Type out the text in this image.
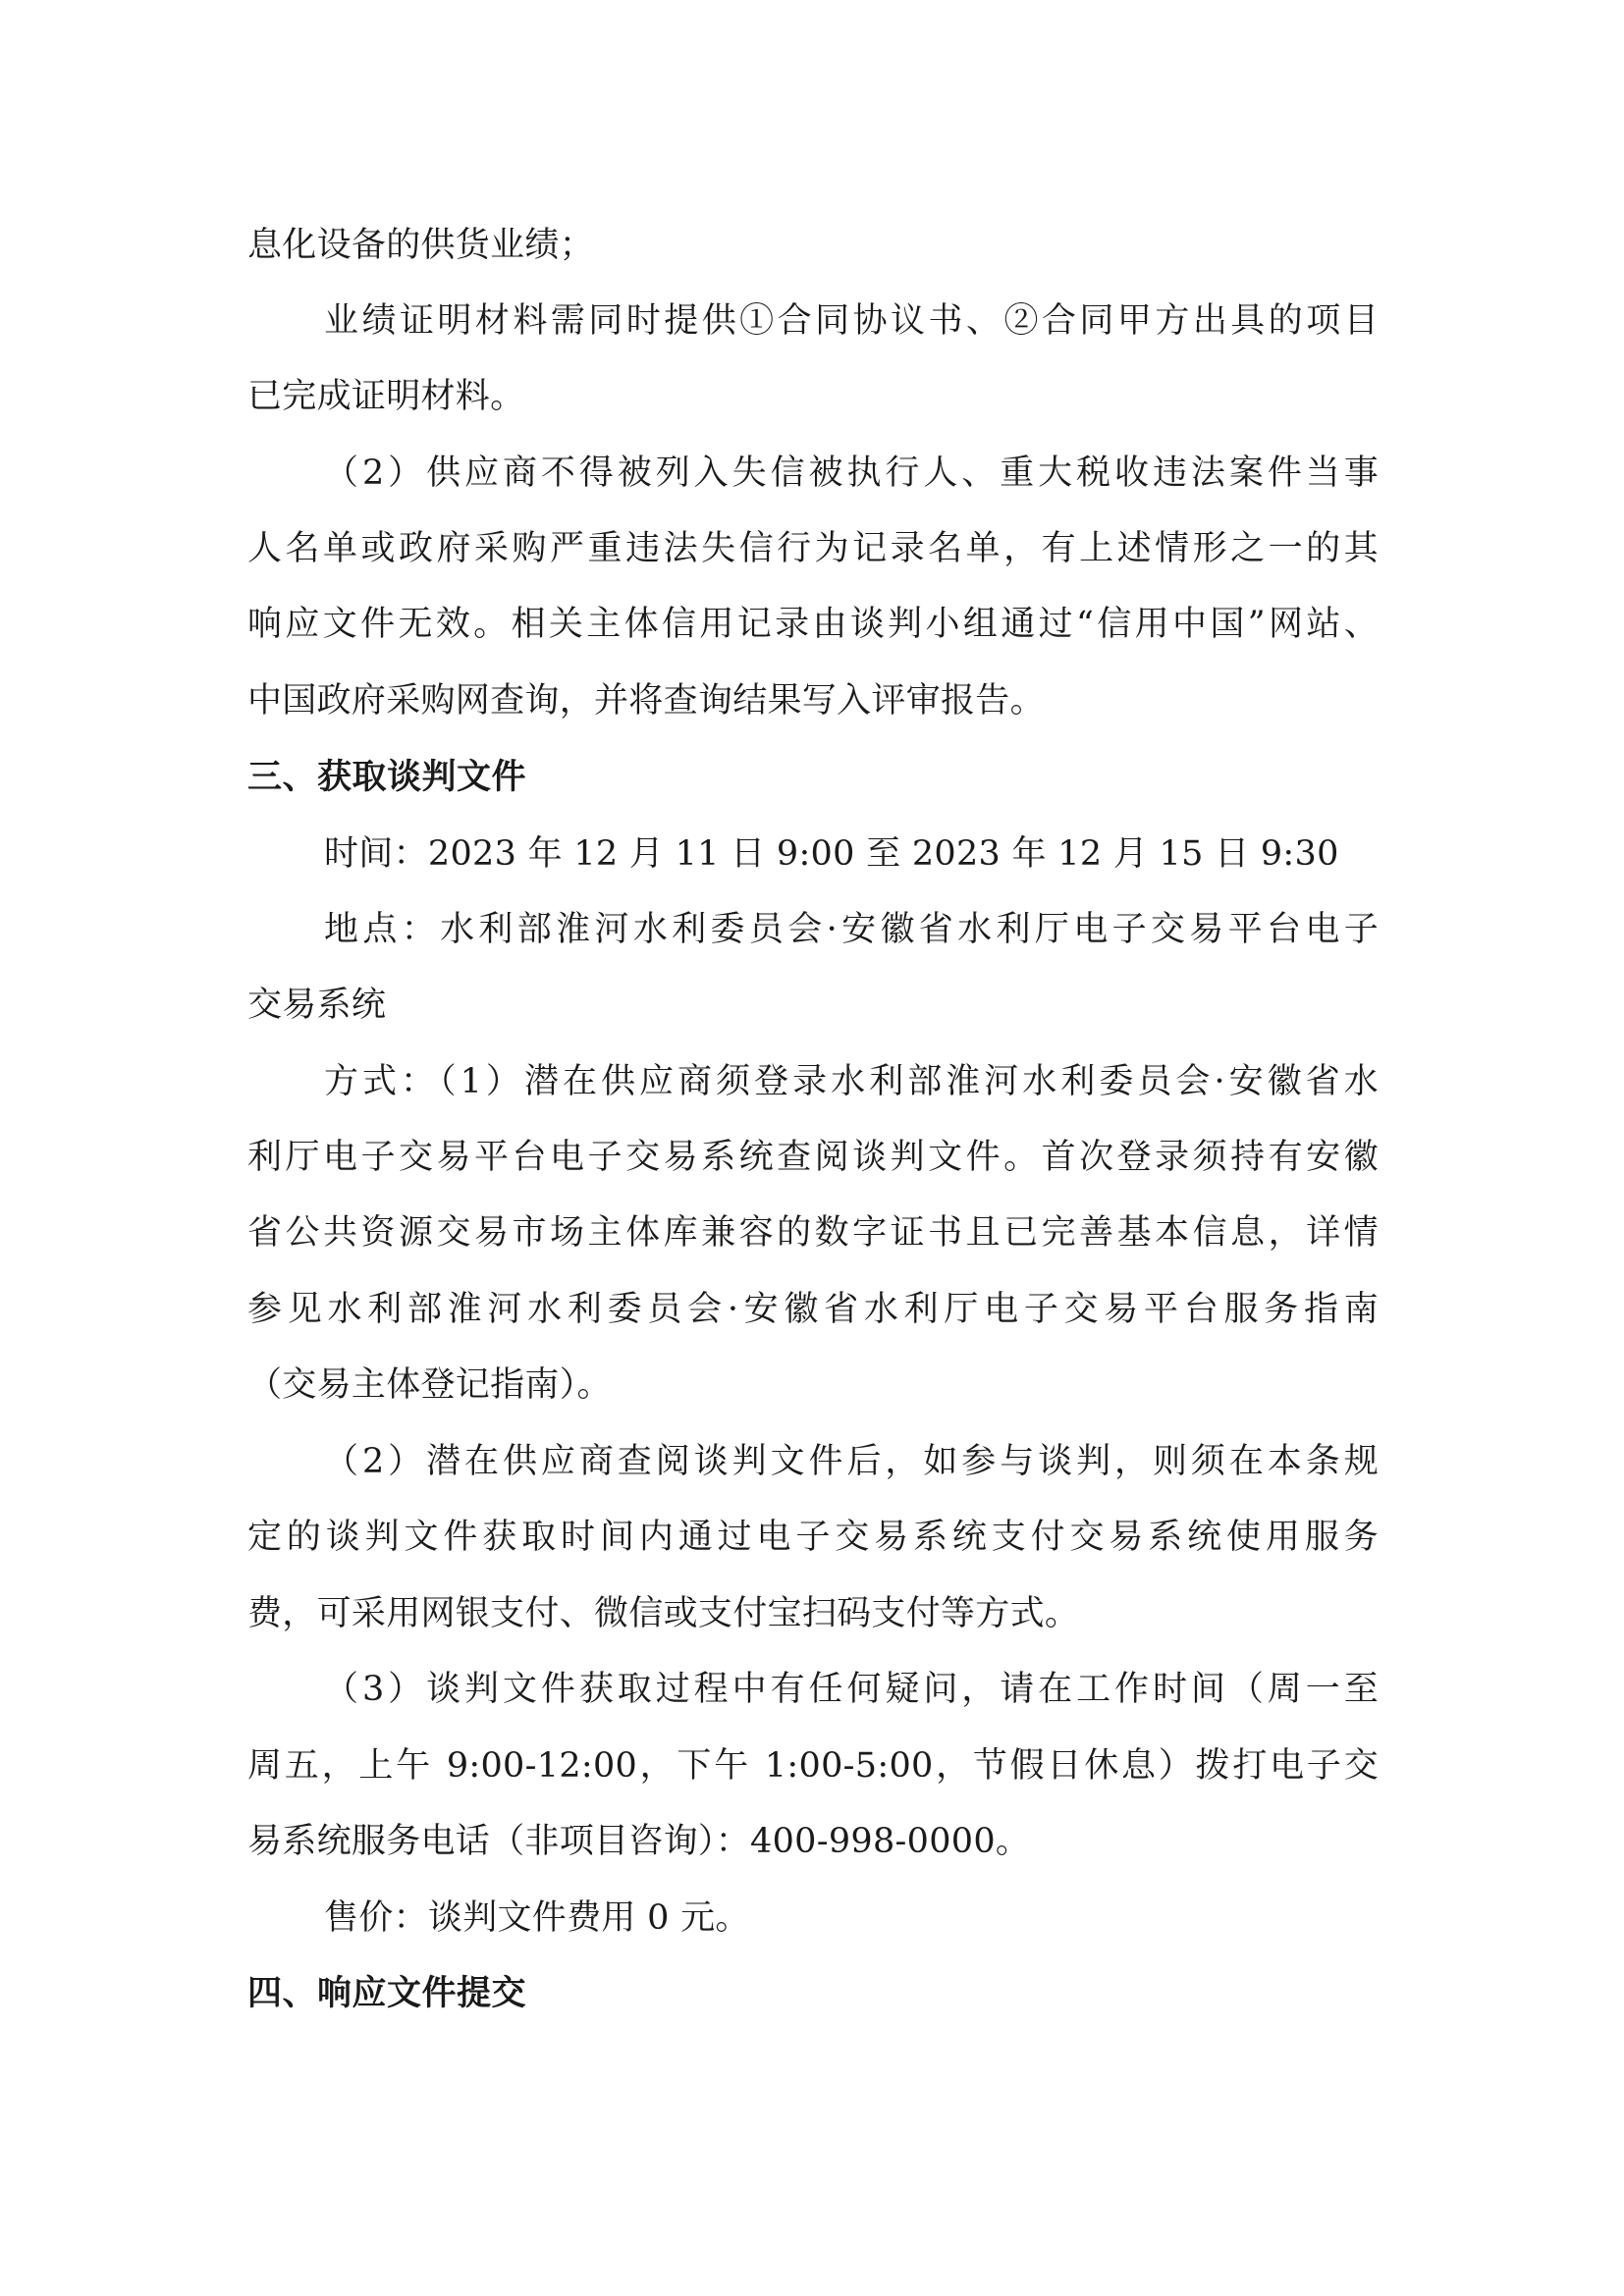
息化设备的供货业绩；
业绩证明材料需同时提供①合同协议书、②合同甲方出具的项目
已完成证明材料。
（2）供应商不得被列入失信被执行人、重大税收违法案件当事
人名单或政府采购严重违法失信行为记录名单，有上述情形之一的其
响应文件无效。相关主体信用记录由谈判小组通过“信用中国”网站、
中国政府采购网查询，并将查询结果写入评审报告。
三、获取谈判文件
时间：2023 年 12 月 11 日 9:00 至 2023 年 12 月 15 日 9:30
地点：水利部淮河水利委员会·安徽省水利厅电子交易平台电子
交易系统
方式：（1）潜在供应商须登录水利部淮河水利委员会·安徽省水
利厅电子交易平台电子交易系统查阅谈判文件。首次登录须持有安徽
省公共资源交易市场主体库兼容的数字证书且已完善基本信息，详情
参见水利部淮河水利委员会·安徽省水利厅电子交易平台服务指南
（交易主体登记指南）。
（2）潜在供应商查阅谈判文件后，如参与谈判，则须在本条规
定的谈判文件获取时间内通过电子交易系统支付交易系统使用服务
费，可采用网银支付、微信或支付宝扫码支付等方式。
（3）谈判文件获取过程中有任何疑问，请在工作时间（周一至
周五，上午 9:00-12:00，下午 1:00-5:00，节假日休息）拨打电子交
易系统服务电话（非项目咨询）：400-998-0000。
售价：谈判文件费用 0 元。
四、响应文件提交
